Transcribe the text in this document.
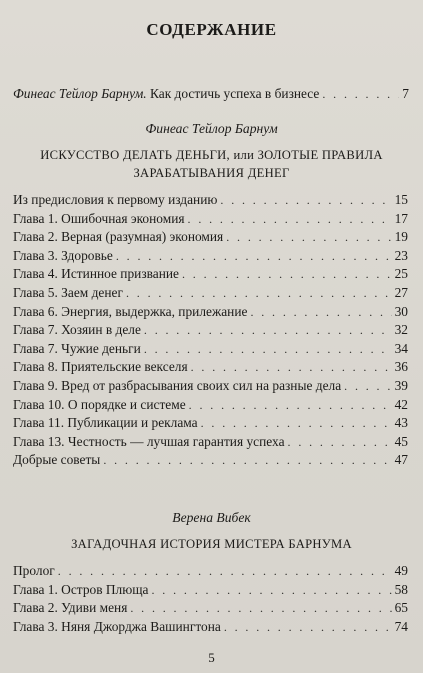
СОДЕРЖАНИЕ
Финеас Тейлор Барнум. Как достичь успеха в бизнесе . . .	7
Финеас Тейлор Барнум
ИСКУССТВО ДЕЛАТЬ ДЕНЬГИ, или ЗОЛОТЫЕ ПРАВИЛА
ЗАРАБАТЫВАНИЯ ДЕНЕГ
Из предисловия к первому изданию . . .	15
Глава 1. Ошибочная экономия . . .	17
Глава 2. Верная (разумная) экономия . . .	19
Глава 3. Здоровье . . .	23
Глава 4. Истинное призвание . . .	25
Глава 5. Заем денег . . .	27
Глава 6. Энергия, выдержка, прилежание . . .	30
Глава 7. Хозяин в деле . . .	32
Глава 7. Чужие деньги . . .	34
Глава 8. Приятельские векселя . . .	36
Глава 9. Вред от разбрасывания своих сил на разные дела . . .	39
Глава 10. О порядке и системе . . .	42
Глава 11. Публикации и реклама . . .	43
Глава 13. Честность — лучшая гарантия успеха . . .	45
Добрые советы . . .	47
Верена Вибек
ЗАГАДОЧНАЯ ИСТОРИЯ МИСТЕРА БАРНУМА
Пролог . . .	49
Глава 1. Остров Плюща . . .	58
Глава 2. Удиви меня . . .	65
Глава 3. Няня Джорджа Вашингтона . . .	74
5
